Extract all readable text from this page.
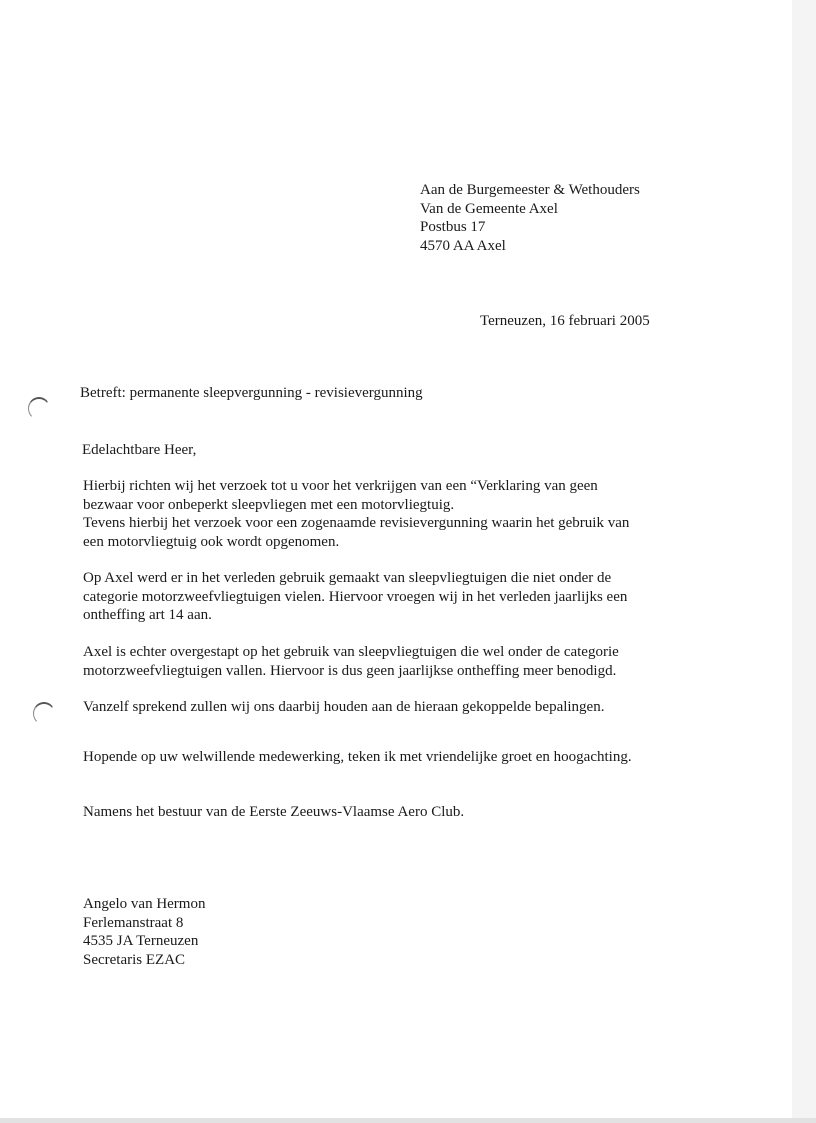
Aan de Burgemeester & Wethouders
Van de Gemeente Axel
Postbus 17
4570 AA Axel
Terneuzen, 16 februari 2005
Betreft: permanente sleepvergunning - revisievergunning
Edelachtbare Heer,
Hierbij richten wij het verzoek tot u voor het verkrijgen van een “Verklaring van geen
bezwaar voor onbeperkt sleepvliegen met een motorvliegtuig.
Tevens hierbij het verzoek voor een zogenaamde revisievergunning waarin het gebruik van
een motorvliegtuig ook wordt opgenomen.
Op Axel werd er in het verleden gebruik gemaakt van sleepvliegtuigen die niet onder de
categorie motorzweefvliegtuigen vielen. Hiervoor vroegen wij in het verleden jaarlijks een
ontheffing art 14 aan.
Axel is echter overgestapt op het gebruik van sleepvliegtuigen die wel onder de categorie
motorzweefvliegtuigen vallen. Hiervoor is dus geen jaarlijkse ontheffing meer benodigd.
Vanzelf sprekend zullen wij ons daarbij houden aan de hieraan gekoppelde bepalingen.
Hopende op uw welwillende medewerking, teken ik met vriendelijke groet en hoogachting.
Namens het bestuur van de Eerste Zeeuws-Vlaamse Aero Club.
Angelo van Hermon
Ferlemanstraat 8
4535 JA Terneuzen
Secretaris EZAC
